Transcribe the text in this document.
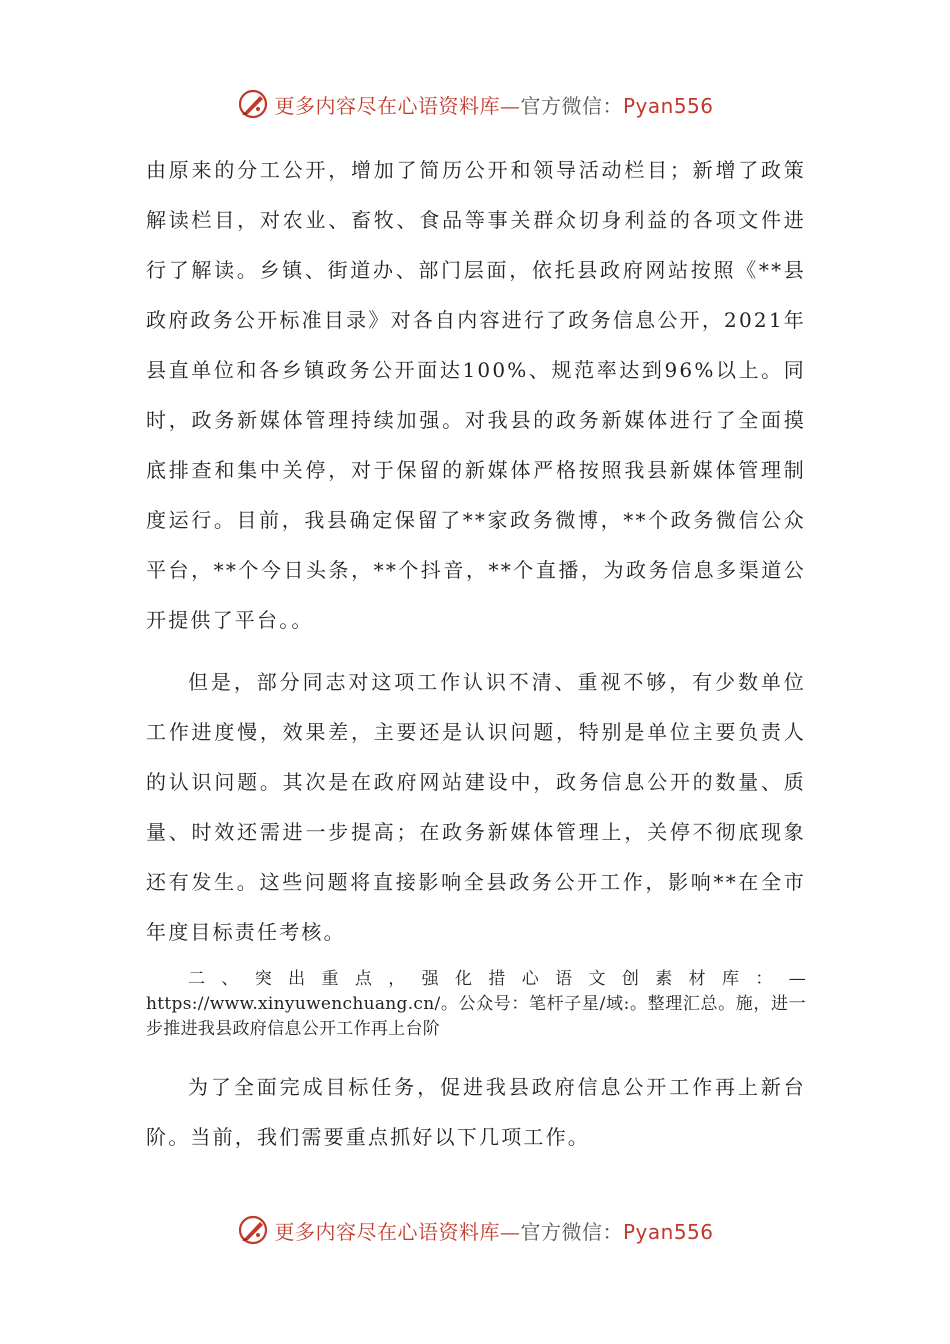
更多内容尽在心语资料库—官方微信：Pyan556

由原来的分工公开，增加了简历公开和领导活动栏目；新增了政策解读栏目，对农业、畜牧、食品等事关群众切身利益的各项文件进行了解读。乡镇、街道办、部门层面，依托县政府网站按照《**县政府政务公开标准目录》对各自内容进行了政务信息公开，2021年县直单位和各乡镇政务公开面达100%、规范率达到96%以上。同时，政务新媒体管理持续加强。对我县的政务新媒体进行了全面摸底排查和集中关停，对于保留的新媒体严格按照我县新媒体管理制度运行。目前，我县确定保留了**家政务微博，**个政务微信公众平台，**个今日头条，**个抖音，**个直播，为政务信息多渠道公开提供了平台。。

但是，部分同志对这项工作认识不清、重视不够，有少数单位工作进度慢，效果差，主要还是认识问题，特别是单位主要负责人的认识问题。其次是在政府网站建设中，政务信息公开的数量、质量、时效还需进一步提高；在政务新媒体管理上，关停不彻底现象还有发生。这些问题将直接影响全县政务公开工作，影响**在全市年度目标责任考核。

二、突出重点，强化措心语文创素材库：— https://www.xinyuwenchuang.cn/。公众号：笔杆子星/域:。整理汇总。施，进一步推进我县政府信息公开工作再上台阶

为了全面完成目标任务，促进我县政府信息公开工作再上新台阶。当前，我们需要重点抓好以下几项工作。

更多内容尽在心语资料库—官方微信：Pyan556
